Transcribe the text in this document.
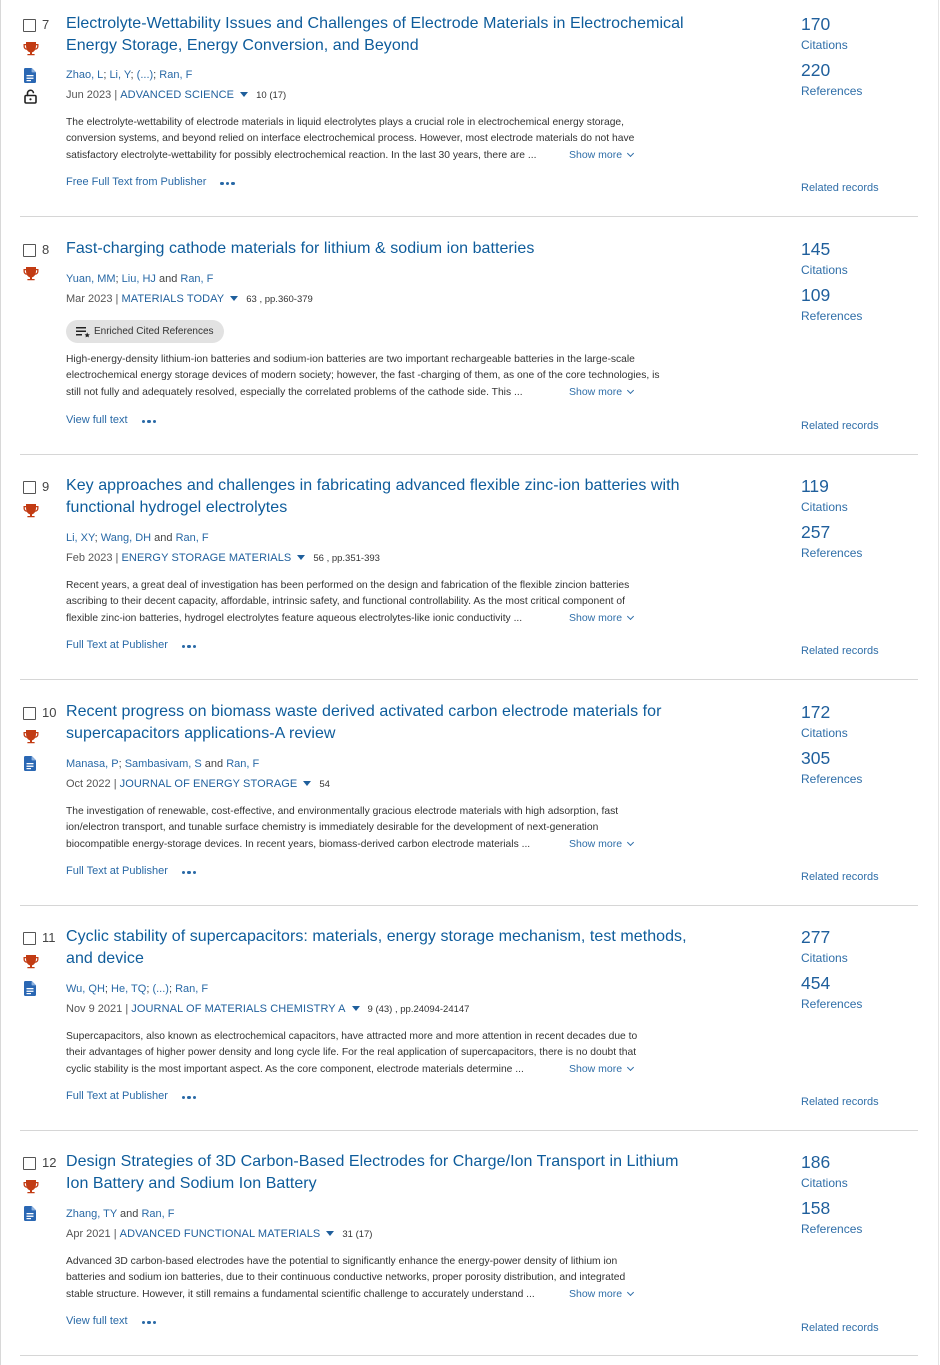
7 Electrolyte-Wettability Issues and Challenges of Electrode Materials in Electrochemical
Energy Storage, Energy Conversion, and Beyond
Zhao, L; Li, Y; (...); Ran, F
Jun 2023 | ADVANCED SCIENCE 10 (17)
The electrolyte-wettability of electrode materials in liquid electrolytes plays a crucial role in electrochemical energy storage,
conversion systems, and beyond relied on interface electrochemical process. However, most electrode materials do not have
satisfactory electrolyte-wettability for possibly electrochemical reaction. In the last 30 years, there are ...	Show more
Free Full Text from Publisher
170
Citations
220
References
Related records
8 Fast-charging cathode materials for lithium & sodium ion batteries
Yuan, MM; Liu, HJ and Ran, F
Mar 2023 | MATERIALS TODAY 63 , pp.360-379
Enriched Cited References
High-energy-density lithium-ion batteries and sodium-ion batteries are two important rechargeable batteries in the large-scale
electrochemical energy storage devices of modern society; however, the fast -charging of them, as one of the core technologies, is
still not fully and adequately resolved, especially the correlated problems of the cathode side. This ...	Show more
View full text
145
Citations
109
References
Related records
9 Key approaches and challenges in fabricating advanced flexible zinc-ion batteries with
functional hydrogel electrolytes
Li, XY; Wang, DH and Ran, F
Feb 2023 | ENERGY STORAGE MATERIALS 56 , pp.351-393
Recent years, a great deal of investigation has been performed on the design and fabrication of the flexible zincion batteries
ascribing to their decent capacity, affordable, intrinsic safety, and functional controllability. As the most critical component of
flexible zinc-ion batteries, hydrogel electrolytes feature aqueous electrolytes-like ionic conductivity ...	Show more
Full Text at Publisher
119
Citations
257
References
Related records
10 Recent progress on biomass waste derived activated carbon electrode materials for
supercapacitors applications-A review
Manasa, P; Sambasivam, S and Ran, F
Oct 2022 | JOURNAL OF ENERGY STORAGE 54
The investigation of renewable, cost-effective, and environmentally gracious electrode materials with high adsorption, fast
ion/electron transport, and tunable surface chemistry is immediately desirable for the development of next-generation
biocompatible energy-storage devices. In recent years, biomass-derived carbon electrode materials ...	Show more
Full Text at Publisher
172
Citations
305
References
Related records
11 Cyclic stability of supercapacitors: materials, energy storage mechanism, test methods,
and device
Wu, QH; He, TQ; (...); Ran, F
Nov 9 2021 | JOURNAL OF MATERIALS CHEMISTRY A 9 (43) , pp.24094-24147
Supercapacitors, also known as electrochemical capacitors, have attracted more and more attention in recent decades due to
their advantages of higher power density and long cycle life. For the real application of supercapacitors, there is no doubt that
cyclic stability is the most important aspect. As the core component, electrode materials determine ...	Show more
Full Text at Publisher
277
Citations
454
References
Related records
12 Design Strategies of 3D Carbon-Based Electrodes for Charge/Ion Transport in Lithium
Ion Battery and Sodium Ion Battery
Zhang, TY and Ran, F
Apr 2021 | ADVANCED FUNCTIONAL MATERIALS 31 (17)
Advanced 3D carbon-based electrodes have the potential to significantly enhance the energy-power density of lithium ion
batteries and sodium ion batteries, due to their continuous conductive networks, proper porosity distribution, and integrated
stable structure. However, it still remains a fundamental scientific challenge to accurately understand ...	Show more
View full text
186
Citations
158
References
Related records
